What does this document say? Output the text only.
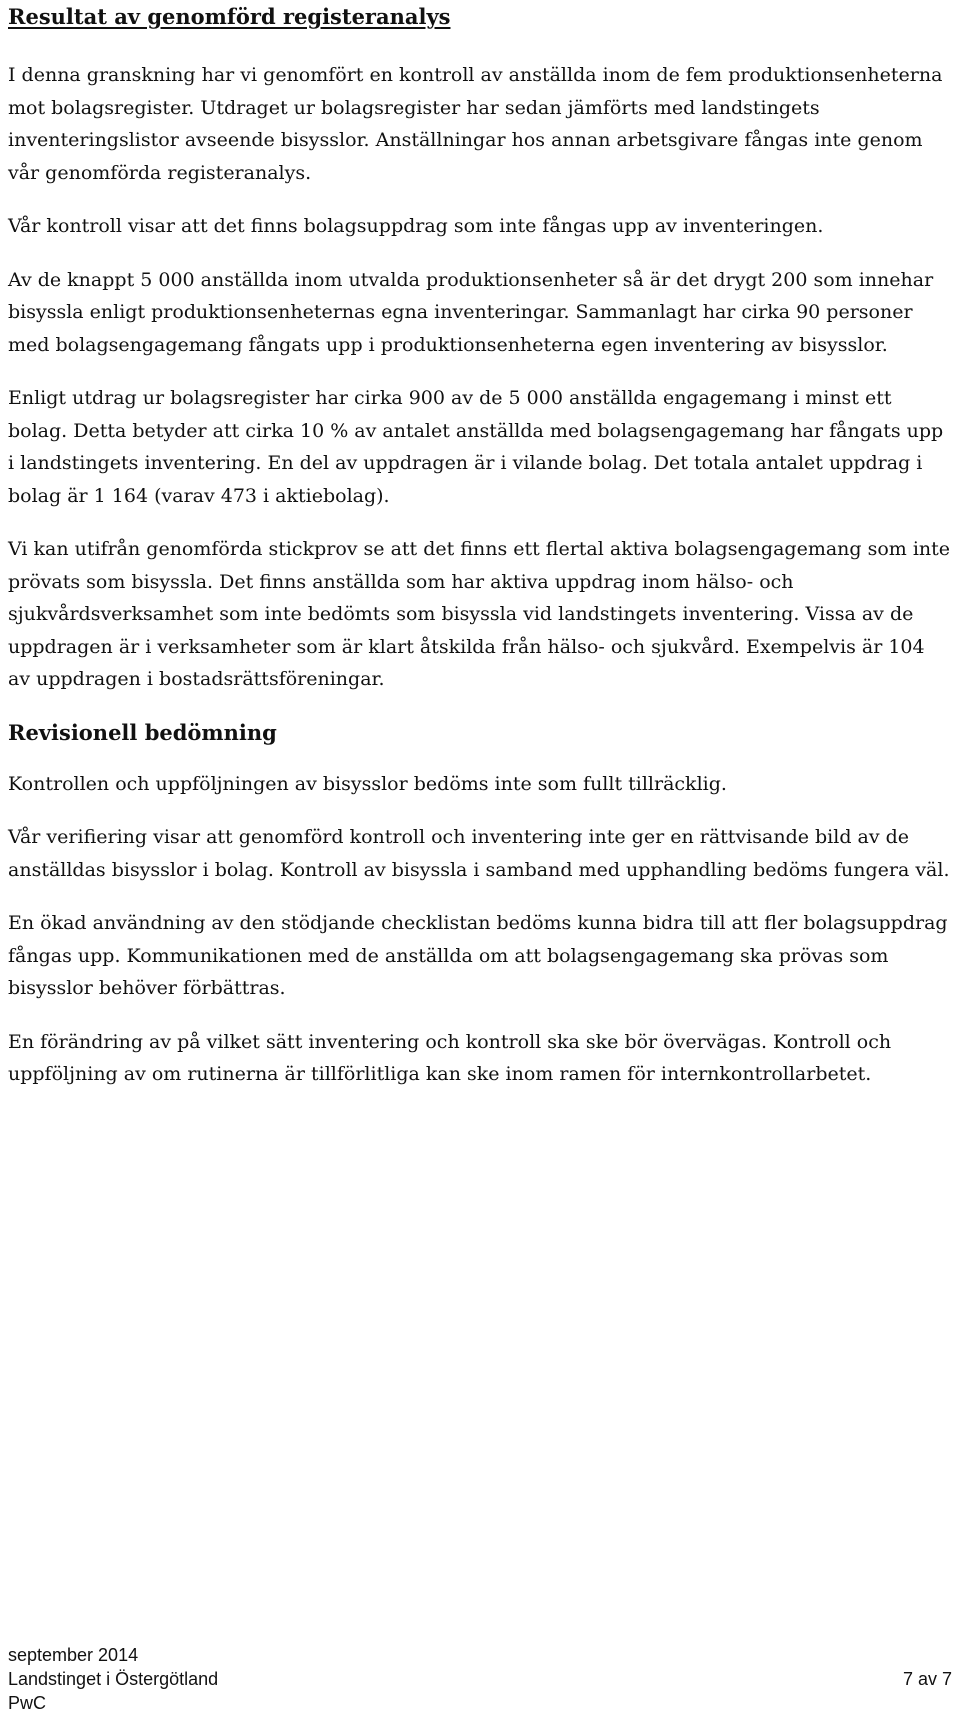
Resultat av genomförd registeranalys

I denna granskning har vi genomfört en kontroll av anställda inom de fem produktionsenheterna mot bolagsregister. Utdraget ur bolagsregister har sedan jämförts med landstingets inventeringslistor avseende bisysslor. Anställningar hos annan arbetsgivare fångas inte genom vår genomförda registeranalys.

Vår kontroll visar att det finns bolagsuppdrag som inte fångas upp av inventeringen.

Av de knappt 5 000 anställda inom utvalda produktionsenheter så är det drygt 200 som innehar bisyssla enligt produktionsenheternas egna inventeringar. Sammanlagt har cirka 90 personer med bolagsengagemang fångats upp i produktionsenheterna egen inventering av bisysslor.

Enligt utdrag ur bolagsregister har cirka 900 av de 5 000 anställda engagemang i minst ett bolag. Detta betyder att cirka 10 % av antalet anställda med bolagsengagemang har fångats upp i landstingets inventering. En del av uppdragen är i vilande bolag. Det totala antalet uppdrag i bolag är 1 164 (varav 473 i aktiebolag).

Vi kan utifrån genomförda stickprov se att det finns ett flertal aktiva bolagsengagemang som inte prövats som bisyssla. Det finns anställda som har aktiva uppdrag inom hälso- och sjukvårdsverksamhet som inte bedömts som bisyssla vid landstingets inventering. Vissa av de uppdragen är i verksamheter som är klart åtskilda från hälso- och sjukvård. Exempelvis är 104 av uppdragen i bostadsrättsföreningar.

Revisionell bedömning

Kontrollen och uppföljningen av bisysslor bedöms inte som fullt tillräcklig.

Vår verifiering visar att genomförd kontroll och inventering inte ger en rättvisande bild av de anställdas bisysslor i bolag. Kontroll av bisyssla i samband med upphandling bedöms fungera väl.

En ökad användning av den stödjande checklistan bedöms kunna bidra till att fler bolagsuppdrag fångas upp. Kommunikationen med de anställda om att bolagsengagemang ska prövas som bisysslor behöver förbättras.

En förändring av på vilket sätt inventering och kontroll ska ske bör övervägas. Kontroll och uppföljning av om rutinerna är tillförlitliga kan ske inom ramen för internkontrollarbetet.

september 2014
Landstinget i Östergötland	7 av 7
PwC
